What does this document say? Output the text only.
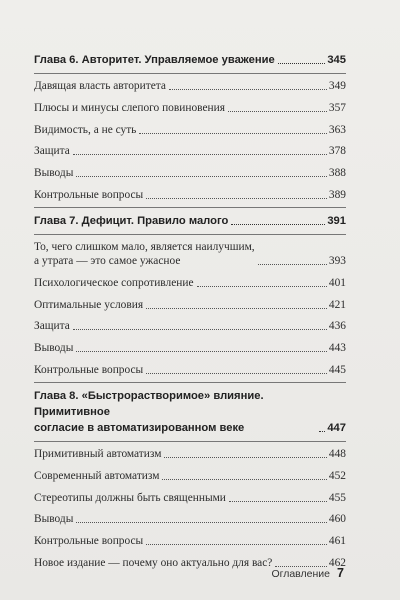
Глава 6. Авторитет. Управляемое уважение	345
Давящая власть авторитета	349
Плюсы и минусы слепого повиновения	357
Видимость, а не суть	363
Защита	378
Выводы	388
Контрольные вопросы	389
Глава 7. Дефицит. Правило малого	391
То, чего слишком мало, является наилучшим,
а утрата — это самое ужасное	393
Психологическое сопротивление	401
Оптимальные условия	421
Защита	436
Выводы	443
Контрольные вопросы	445
Глава 8. «Быстрорастворимое» влияние. Примитивное
согласие в автоматизированном веке	447
Примитивный автоматизм	448
Современный автоматизм	452
Стереотипы должны быть священными	455
Выводы	460
Контрольные вопросы	461
Новое издание — почему оно актуально для вас?	462
Оглавление 7
